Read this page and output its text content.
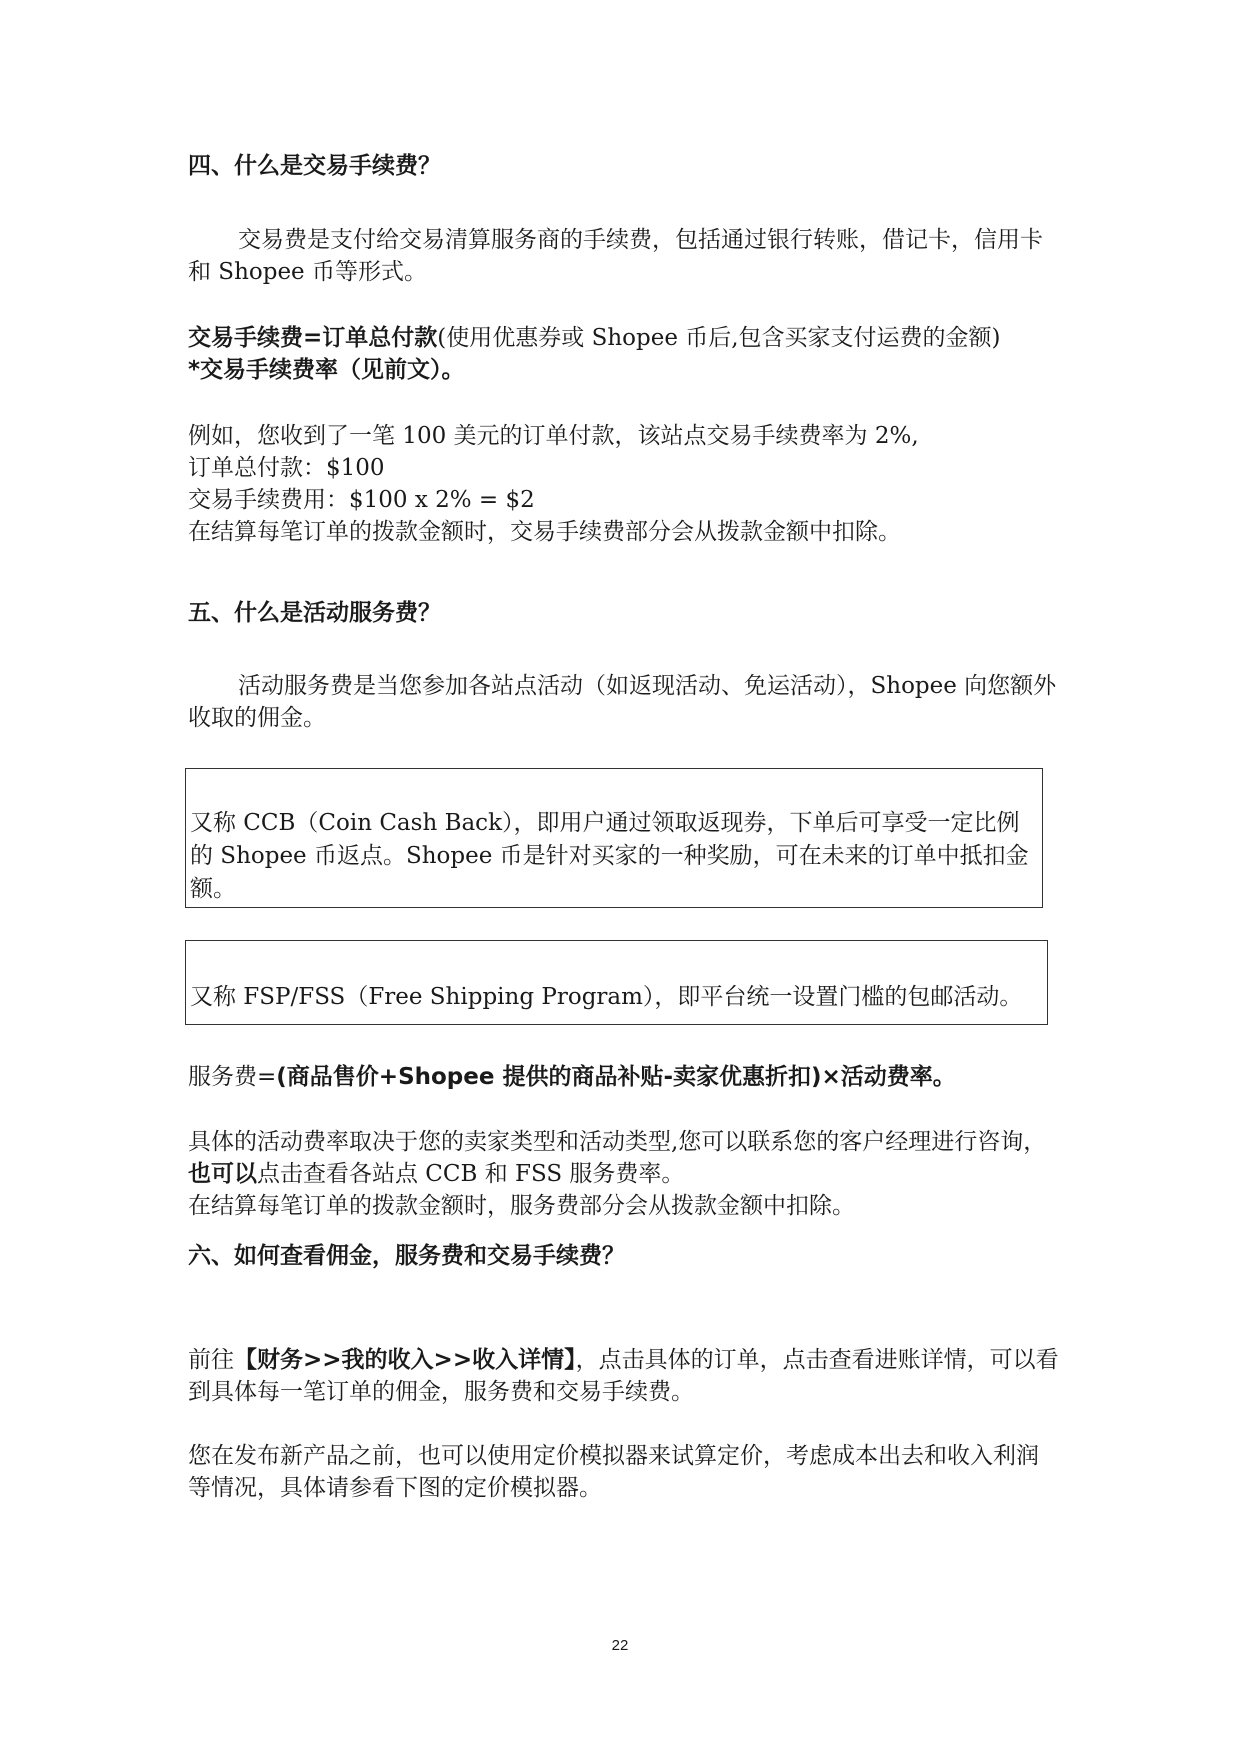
四、什么是交易手续费？

交易费是支付给交易清算服务商的手续费，包括通过银行转账，借记卡，信用卡和 Shopee 币等形式。

交易手续费=订单总付款(使用优惠券或 Shopee 币后,包含买家支付运费的金额)
*交易手续费率（见前文）。

例如，您收到了一笔 100 美元的订单付款，该站点交易手续费率为 2%,
订单总付款：$100
交易手续费用：$100 x 2% = $2
在结算每笔订单的拨款金额时，交易手续费部分会从拨款金额中扣除。
五、什么是活动服务费？

活动服务费是当您参加各站点活动（如返现活动、免运活动），Shopee 向您额外收取的佣金。

又称 CCB（Coin Cash Back），即用户通过领取返现券，下单后可享受一定比例的 Shopee 币返点。Shopee 币是针对买家的一种奖励，可在未来的订单中抵扣金额。
又称 FSP/FSS（Free Shipping Program），即平台统一设置门槛的包邮活动。

服务费=(商品售价+Shopee 提供的商品补贴-卖家优惠折扣)×活动费率。

具体的活动费率取决于您的卖家类型和活动类型,您可以联系您的客户经理进行咨询，也可以点击查看各站点 CCB 和 FSS 服务费率。
在结算每笔订单的拨款金额时，服务费部分会从拨款金额中扣除。

六、如何查看佣金，服务费和交易手续费？

前往【财务>>我的收入>>收入详情】，点击具体的订单，点击查看进账详情，可以看到具体每一笔订单的佣金，服务费和交易手续费。

您在发布新产品之前，也可以使用定价模拟器来试算定价，考虑成本出去和收入利润等情况，具体请参看下图的定价模拟器。

22
